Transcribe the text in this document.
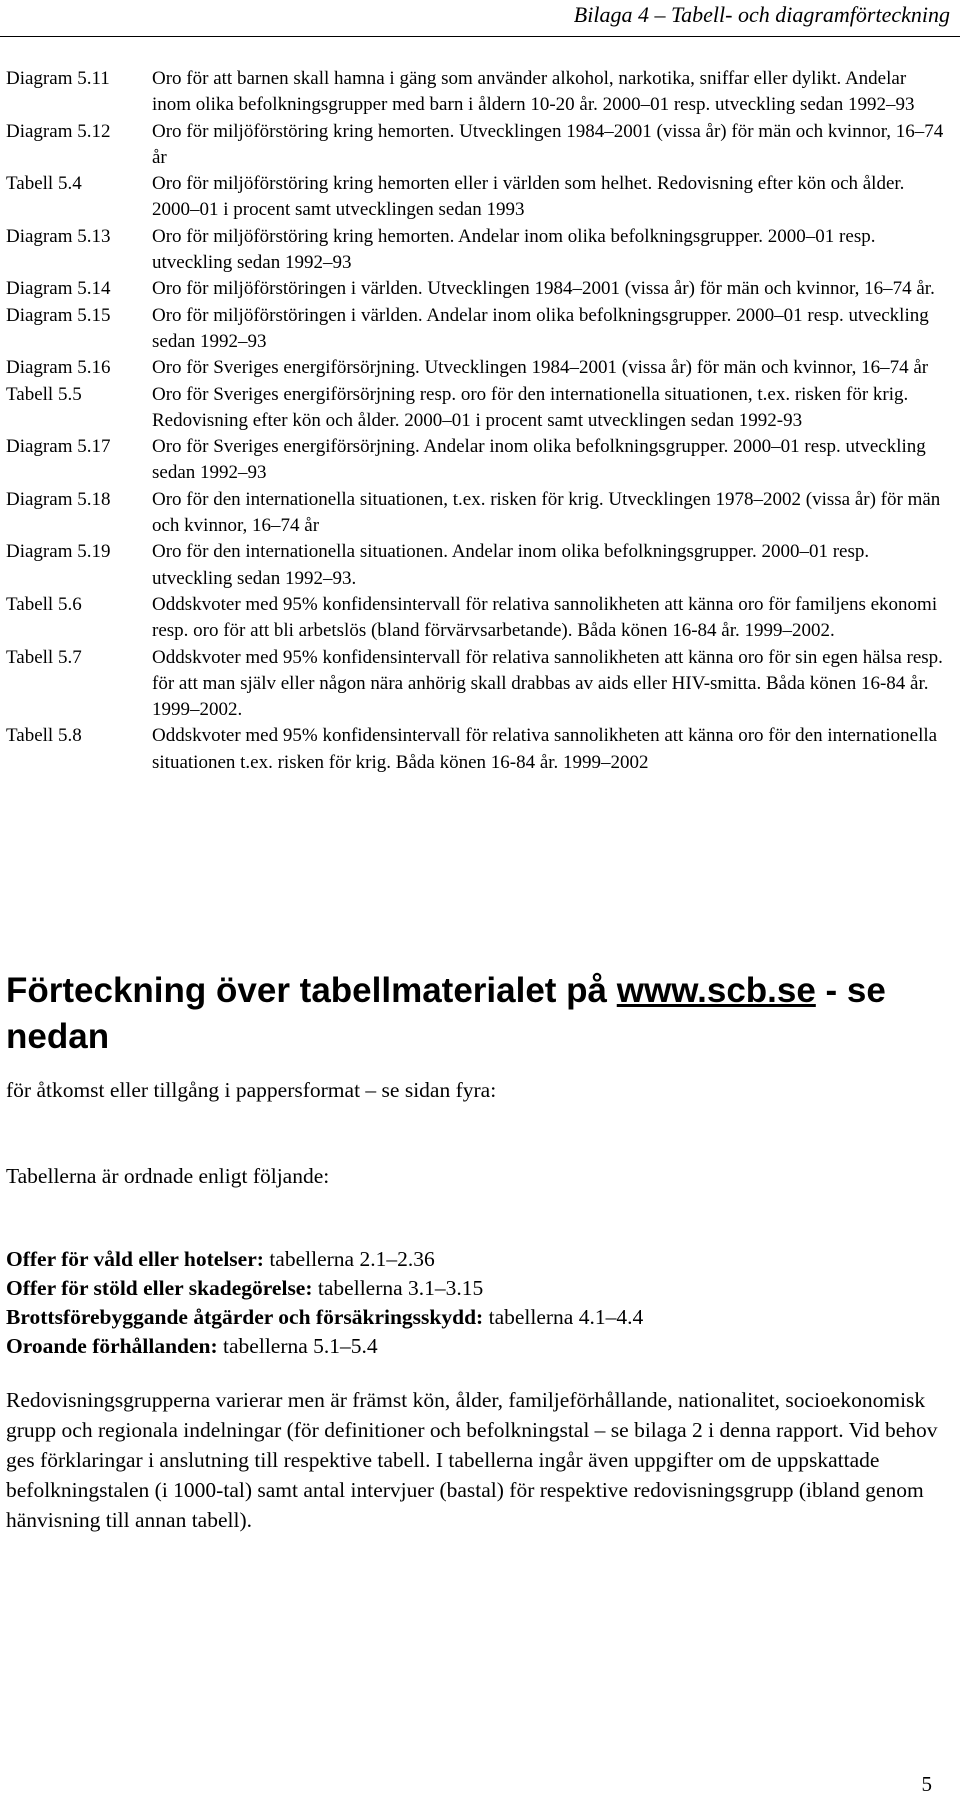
Bilaga 4 – Tabell- och diagramförteckning
Diagram 5.11	Oro för att barnen skall hamna i gäng som använder alkohol, narkotika, sniffar eller dylikt. Andelar inom olika befolkningsgrupper med barn i åldern 10-20 år. 2000–01 resp. utveckling sedan 1992–93
Diagram 5.12	Oro för miljöförstöring kring hemorten. Utvecklingen 1984–2001 (vissa år) för män och kvinnor, 16–74 år
Tabell 5.4	Oro för miljöförstöring kring hemorten eller i världen som helhet. Redovisning efter kön och ålder. 2000–01 i procent samt utvecklingen sedan 1993
Diagram 5.13	Oro för miljöförstöring kring hemorten. Andelar inom olika befolkningsgrupper. 2000–01 resp. utveckling sedan 1992–93
Diagram 5.14	Oro för miljöförstöringen i världen. Utvecklingen 1984–2001 (vissa år) för män och kvinnor, 16–74 år.
Diagram 5.15	Oro för miljöförstöringen i världen. Andelar inom olika befolkningsgrupper. 2000–01 resp. utveckling sedan 1992–93
Diagram 5.16	Oro för Sveriges energiförsörjning. Utvecklingen 1984–2001 (vissa år) för män och kvinnor, 16–74 år
Tabell 5.5	Oro för Sveriges energiförsörjning resp. oro för den internationella situationen, t.ex. risken för krig. Redovisning efter kön och ålder. 2000–01 i procent samt utvecklingen sedan 1992-93
Diagram 5.17	Oro för Sveriges energiförsörjning. Andelar inom olika befolkningsgrupper. 2000–01 resp. utveckling sedan 1992–93
Diagram 5.18	Oro för den internationella situationen, t.ex. risken för krig. Utvecklingen 1978–2002 (vissa år) för män och kvinnor, 16–74 år
Diagram 5.19	Oro för den internationella situationen. Andelar inom olika befolkningsgrupper. 2000–01 resp. utveckling sedan 1992–93.
Tabell 5.6	Oddskvoter med 95% konfidensintervall för relativa sannolikheten att känna oro för familjens ekonomi resp. oro för att bli arbetslös (bland förvärvsarbetande). Båda könen 16-84 år. 1999–2002.
Tabell 5.7	Oddskvoter med 95% konfidensintervall för relativa sannolikheten att känna oro för sin egen hälsa resp. för att man själv eller någon nära anhörig skall drabbas av aids eller HIV-smitta. Båda könen 16-84 år. 1999–2002.
Tabell 5.8	Oddskvoter med 95% konfidensintervall för relativa sannolikheten att känna oro för den internationella situationen t.ex. risken för krig. Båda könen 16-84 år. 1999–2002
Förteckning över tabellmaterialet på www.scb.se - se nedan

för åtkomst eller tillgång i pappersformat – se sidan fyra:

Tabellerna är ordnade enligt följande:

Offer för våld eller hotelser: tabellerna 2.1–2.36
Offer för stöld eller skadegörelse: tabellerna 3.1–3.15
Brottsförebyggande åtgärder och försäkringsskydd: tabellerna 4.1–4.4
Oroande förhållanden: tabellerna 5.1–5.4

Redovisningsgrupperna varierar men är främst kön, ålder, familjeförhållande, nationalitet, socioekonomisk grupp och regionala indelningar (för definitioner och befolkningstal – se bilaga 2 i denna rapport. Vid behov ges förklaringar i anslutning till respektive tabell. I tabellerna ingår även uppgifter om de uppskattade befolkningstalen (i 1000-tal) samt antal intervjuer (bastal) för respektive redovisningsgrupp (ibland genom hänvisning till annan tabell).

5
